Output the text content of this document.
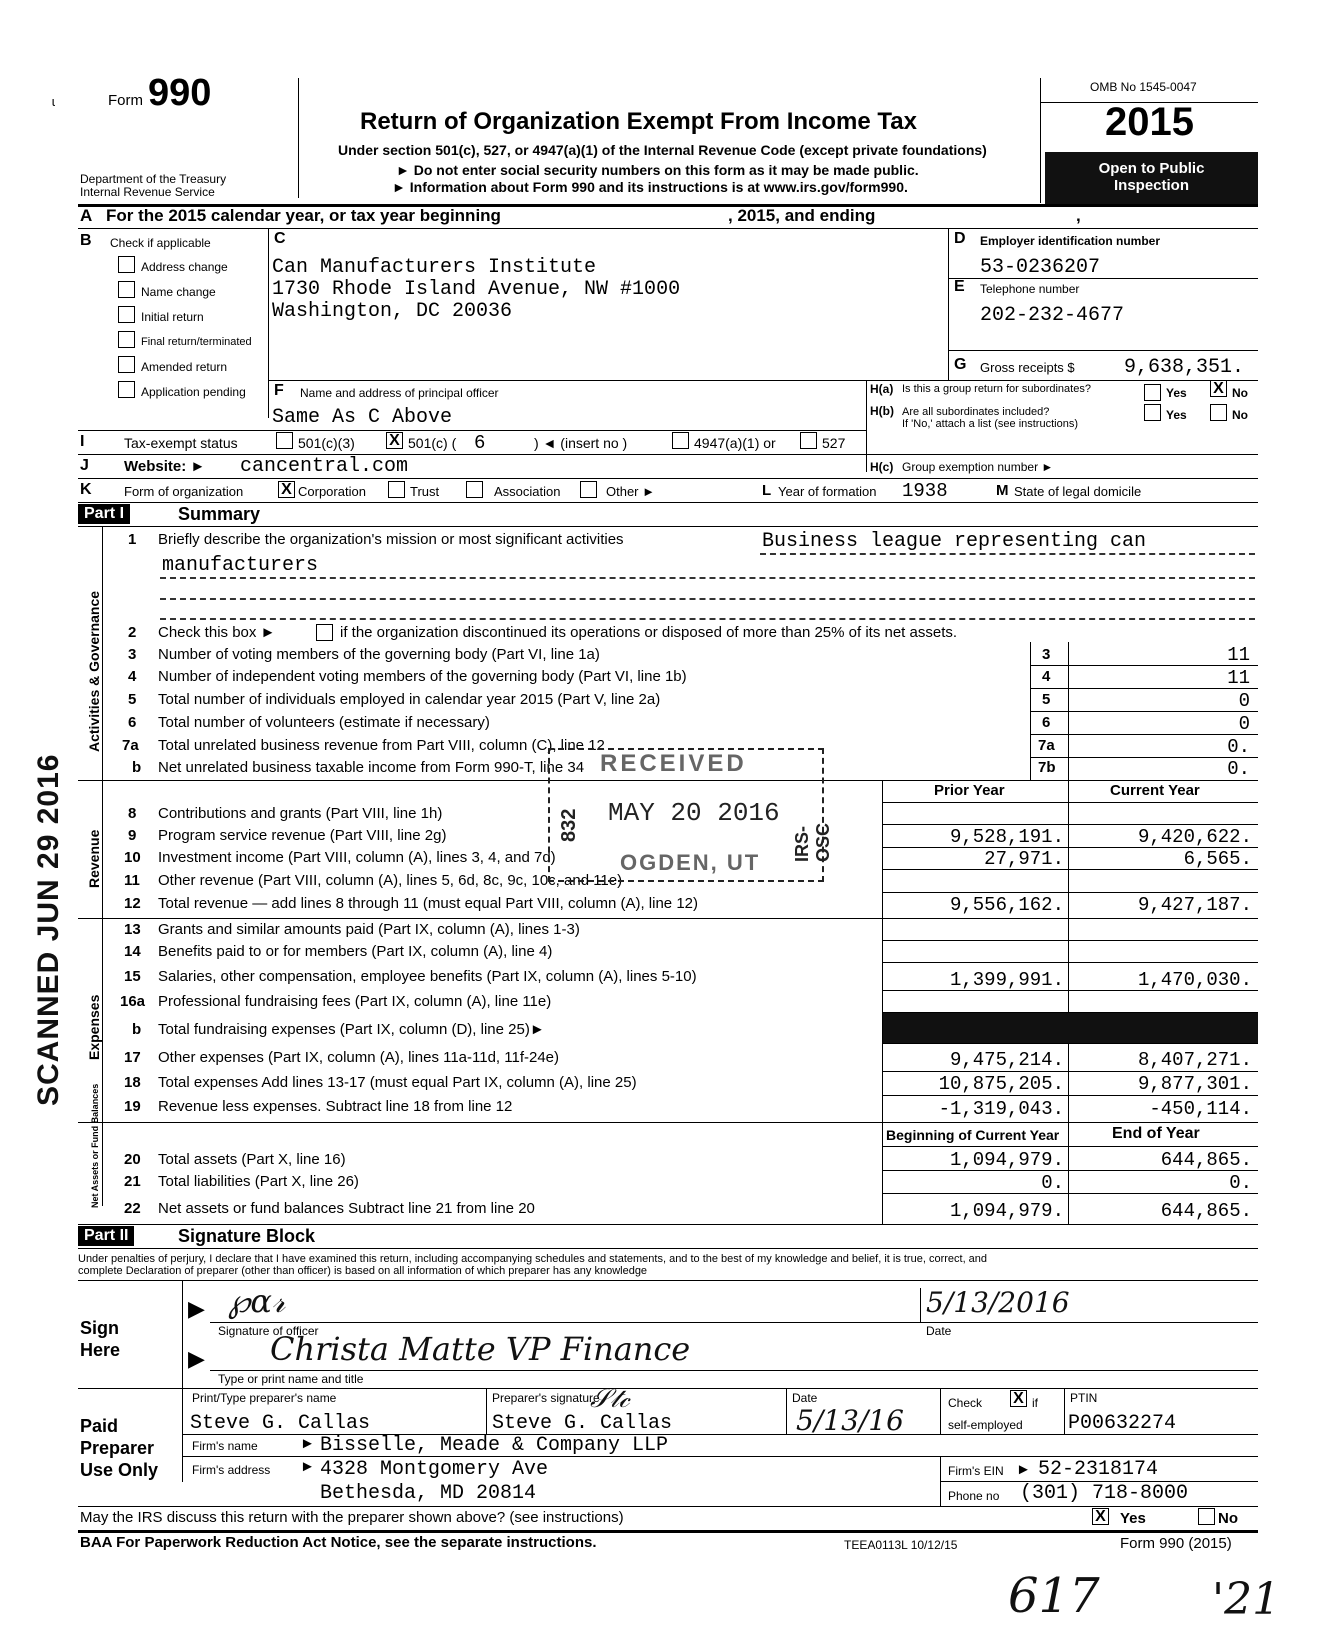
ɩ	Form 990
Department of the Treasury
Internal Revenue Service
Return of Organization Exempt From Income Tax
Under section 501(c), 527, or 4947(a)(1) of the Internal Revenue Code (except private foundations)
► Do not enter social security numbers on this form as it may be made public.
► Information about Form 990 and its instructions is at www.irs.gov/form990.
OMB No 1545-0047
2015
Open to Public
Inspection
A For the 2015 calendar year, or tax year beginning	, 2015, and ending	,
B Check if applicable
Address change
Name change
Initial return
Final return/terminated
Amended return
Application pending
C
Can Manufacturers Institute
1730 Rhode Island Avenue, NW #1000
Washington, DC 20036
D Employer identification number
53-0236207
E Telephone number
202-232-4677
G Gross receipts $ 9,638,351.
F Name and address of principal officer
Same As C Above
H(a) Is this a group return for subordinates?	Yes X No
H(b) Are all subordinates included?
If 'No,' attach a list (see instructions)
Yes	No
I	Tax-exempt status	501(c)(3) X 501(c) ( 6	) ◄ (insert no )	4947(a)(1) or	527
J Website: ► cancentral.com	H(c) Group exemption number ►
K Form of organization X Corporation	Trust	Association	Other ►	L Year of formation 1938	M State of legal domicile
Part I	Summary
Activities & Governance
Revenue
Expenses
Net Assets or Fund Balances
1 Briefly describe the organization's mission or most significant activities	Business league representing can
manufacturers
2 Check this box ►	if the organization discontinued its operations or disposed of more than 25% of its net assets.
3 Number of voting members of the governing body (Part VI, line 1a)	3	11
4 Number of independent voting members of the governing body (Part VI, line 1b)	4	11
5 Total number of individuals employed in calendar year 2015 (Part V, line 2a)	5	0
6 Total number of volunteers (estimate if necessary)	6	0
7a Total unrelated business revenue from Part VIII, column (C), line 12	7a	0.
b Net unrelated business taxable income from Form 990-T, line 34	7b	0.
Prior Year	Current Year
8 Contributions and grants (Part VIII, line 1h)
9 Program service revenue (Part VIII, line 2g)	9,528,191.	9,420,622.
10 Investment income (Part VIII, column (A), lines 3, 4, and 7d)	27,971.	6,565.
11 Other revenue (Part VIII, column (A), lines 5, 6d, 8c, 9c, 10c, and 11e)
12 Total revenue — add lines 8 through 11 (must equal Part VIII, column (A), line 12)	9,556,162.	9,427,187.
13 Grants and similar amounts paid (Part IX, column (A), lines 1-3)
14 Benefits paid to or for members (Part IX, column (A), line 4)
15 Salaries, other compensation, employee benefits (Part IX, column (A), lines 5-10)	1,399,991.	1,470,030.
16a Professional fundraising fees (Part IX, column (A), line 11e)
b Total fundraising expenses (Part IX, column (D), line 25)►
17 Other expenses (Part IX, column (A), lines 11a-11d, 11f-24e)	9,475,214.	8,407,271.
18 Total expenses Add lines 13-17 (must equal Part IX, column (A), line 25)	10,875,205.	9,877,301.
19 Revenue less expenses. Subtract line 18 from line 12	-1,319,043.	-450,114.
Beginning of Current Year	End of Year
20 Total assets (Part X, line 16)	1,094,979.	644,865.
21 Total liabilities (Part X, line 26)	0.	0.
22 Net assets or fund balances Subtract line 21 from line 20	1,094,979.	644,865.
Part II	Signature Block
Under penalties of perjury, I declare that I have examined this return, including accompanying schedules and statements, and to the best of my knowledge and belief, it is true, correct, and
complete Declaration of preparer (other than officer) is based on all information of which preparer has any knowledge
Sign
Here
▶ ℘ɑ𝓇	5/13/2016
Signature of officer	Date
▶ Christa Matte VP Finance
Type or print name and title
Paid
Preparer
Use Only
Print/Type preparer's name
Steve G. Callas
Preparer's signature
𝒮𝓉𝒸
Steve G. Callas
Date
5/13/16
Check X if
self-employed
PTIN
P00632274
Firm's name	► Bisselle, Meade & Company LLP
Firm's address ► 4328 Montgomery Ave
Bethesda, MD 20814
Firm's EIN ► 52-2318174
Phone no (301) 718-8000
May the IRS discuss this return with the preparer shown above? (see instructions)	X Yes	No
BAA For Paperwork Reduction Act Notice, see the separate instructions.	TEEA0113L 10/12/15	Form 990 (2015)
SCANNED JUN 29 2016	RECEIVED
MAY 20 2016
832
IRS-OSC
OGDEN, UT
617	'21
